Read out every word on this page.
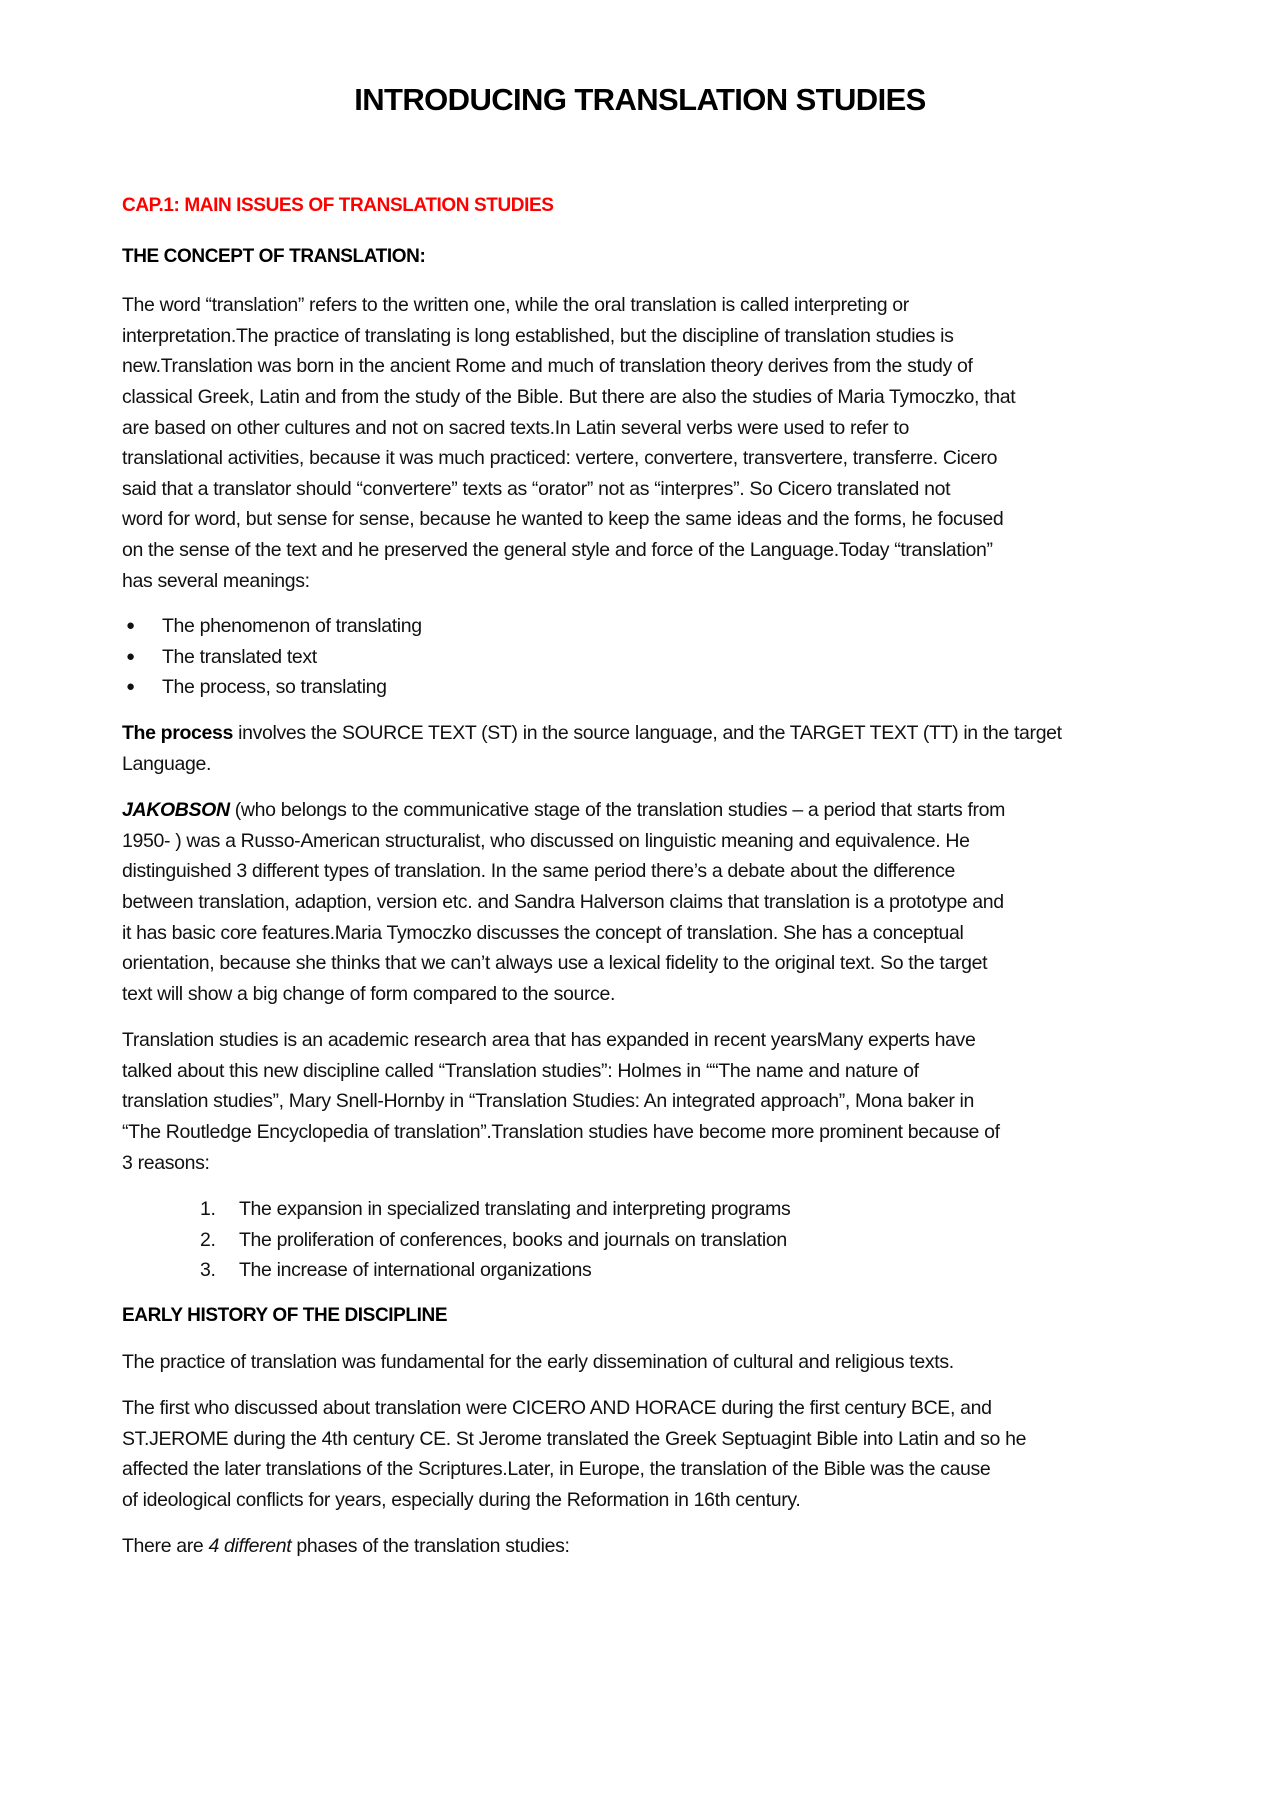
INTRODUCING TRANSLATION STUDIES
CAP.1: MAIN ISSUES OF TRANSLATION STUDIES
THE CONCEPT OF TRANSLATION:
The word “translation” refers to the written one, while the oral translation is called interpreting or
interpretation.The practice of translating is long established, but the discipline of translation studies is
new.Translation was born in the ancient Rome and much of translation theory derives from the study of
classical Greek, Latin and from the study of the Bible. But there are also the studies of Maria Tymoczko, that
are based on other cultures and not on sacred texts.In Latin several verbs were used to refer to
translational activities, because it was much practiced: vertere, convertere, transvertere, transferre. Cicero
said that a translator should “convertere” texts as “orator” not as “interpres”. So Cicero translated not
word for word, but sense for sense, because he wanted to keep the same ideas and the forms, he focused
on the sense of the text and he preserved the general style and force of the Language.Today “translation”
has several meanings:
● The phenomenon of translating
● The translated text
● The process, so translating
The process involves the SOURCE TEXT (ST) in the source language, and the TARGET TEXT (TT) in the target
Language.
JAKOBSON (who belongs to the communicative stage of the translation studies – a period that starts from
1950- ) was a Russo-American structuralist, who discussed on linguistic meaning and equivalence. He
distinguished 3 different types of translation. In the same period there’s a debate about the difference
between translation, adaption, version etc. and Sandra Halverson claims that translation is a prototype and
it has basic core features.Maria Tymoczko discusses the concept of translation. She has a conceptual
orientation, because she thinks that we can’t always use a lexical fidelity to the original text. So the target
text will show a big change of form compared to the source.
Translation studies is an academic research area that has expanded in recent yearsMany experts have
talked about this new discipline called “Translation studies”: Holmes in ““The name and nature of
translation studies”, Mary Snell-Hornby in “Translation Studies: An integrated approach”, Mona baker in
“The Routledge Encyclopedia of translation”.Translation studies have become more prominent because of
3 reasons:
1. The expansion in specialized translating and interpreting programs
2. The proliferation of conferences, books and journals on translation
3. The increase of international organizations
EARLY HISTORY OF THE DISCIPLINE
The practice of translation was fundamental for the early dissemination of cultural and religious texts.
The first who discussed about translation were CICERO AND HORACE during the first century BCE, and
ST.JEROME during the 4th century CE. St Jerome translated the Greek Septuagint Bible into Latin and so he
affected the later translations of the Scriptures.Later, in Europe, the translation of the Bible was the cause
of ideological conflicts for years, especially during the Reformation in 16th century.
There are 4 different phases of the translation studies:
